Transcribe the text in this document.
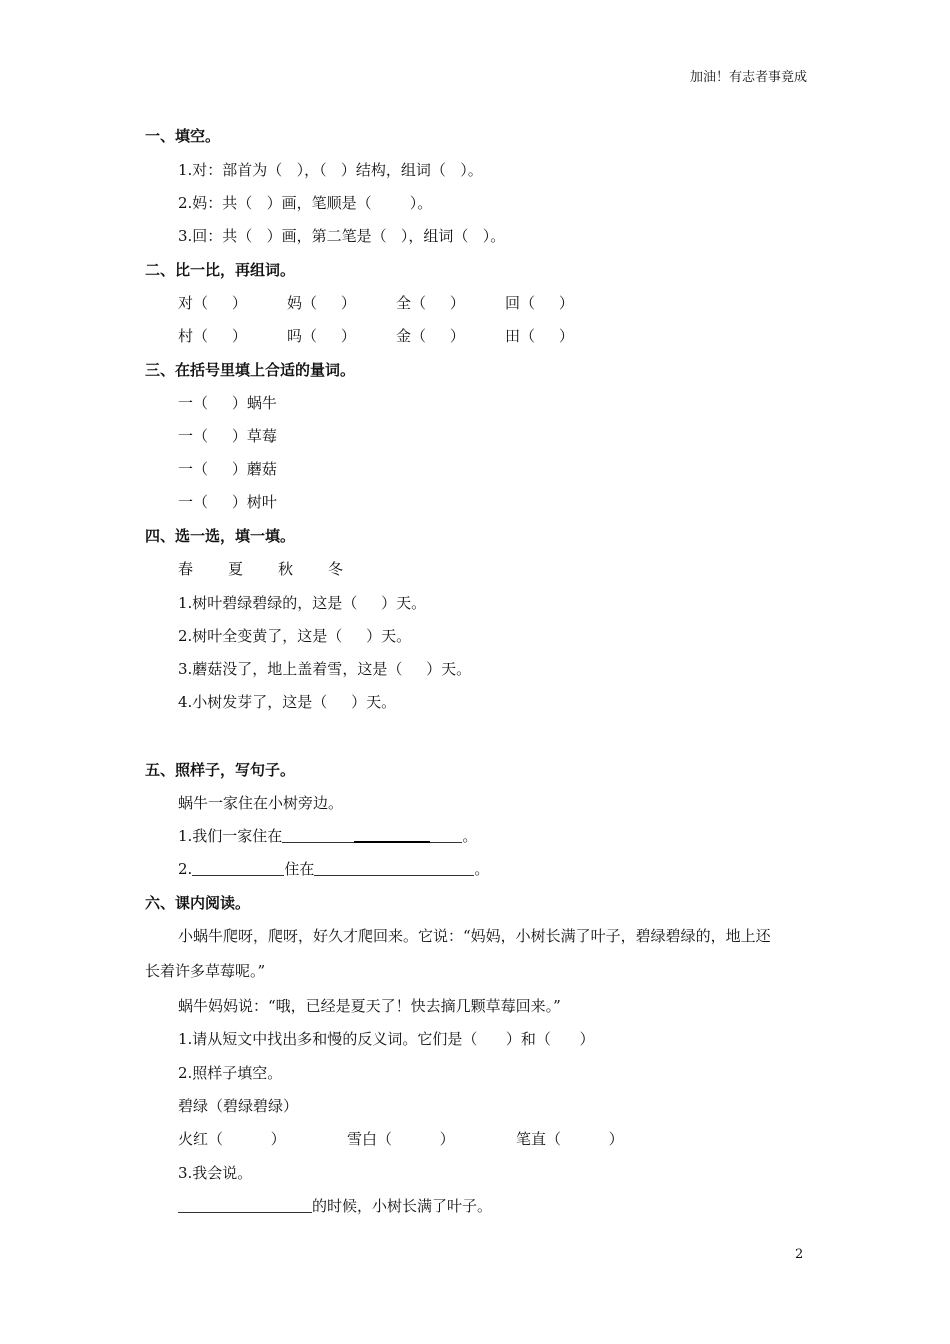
加油！有志者事竟成
一、填空。
1.对：部首为（   ），（   ）结构，组词（   ）。
2.妈：共（   ）画，笔顺是（        ）。
3.回：共（   ）画，第二笔是（   ），组词（   ）。
二、比一比，再组词。
对（     ）	妈（     ）	全（     ）	回（     ）
村（     ）	吗（     ）	金（     ）	田（     ）
三、在括号里填上合适的量词。
一（     ）蜗牛
一（     ）草莓
一（     ）蘑菇
一（     ）树叶
四、选一选，填一填。
春	夏	秋	冬
1.树叶碧绿碧绿的，这是（     ）天。
2.树叶全变黄了，这是（     ）天。
3.蘑菇没了，地上盖着雪，这是（     ）天。
4.小树发芽了，这是（     ）天。
五、照样子，写句子。
蜗牛一家住在小树旁边。
1.我们一家住在	。
2.	住在	。
六、课内阅读。
小蜗牛爬呀，爬呀，好久才爬回来。它说：“妈妈，小树长满了叶子，碧绿碧绿的，地上还
长着许多草莓呢。”
蜗牛妈妈说：“哦，已经是夏天了！快去摘几颗草莓回来。”
1.请从短文中找出多和慢的反义词。它们是（      ）和（      ）
2.照样子填空。
碧绿（碧绿碧绿）
火红（          ）	雪白（          ）	笔直（          ）
3.我会说。
的时候，小树长满了叶子。
2
